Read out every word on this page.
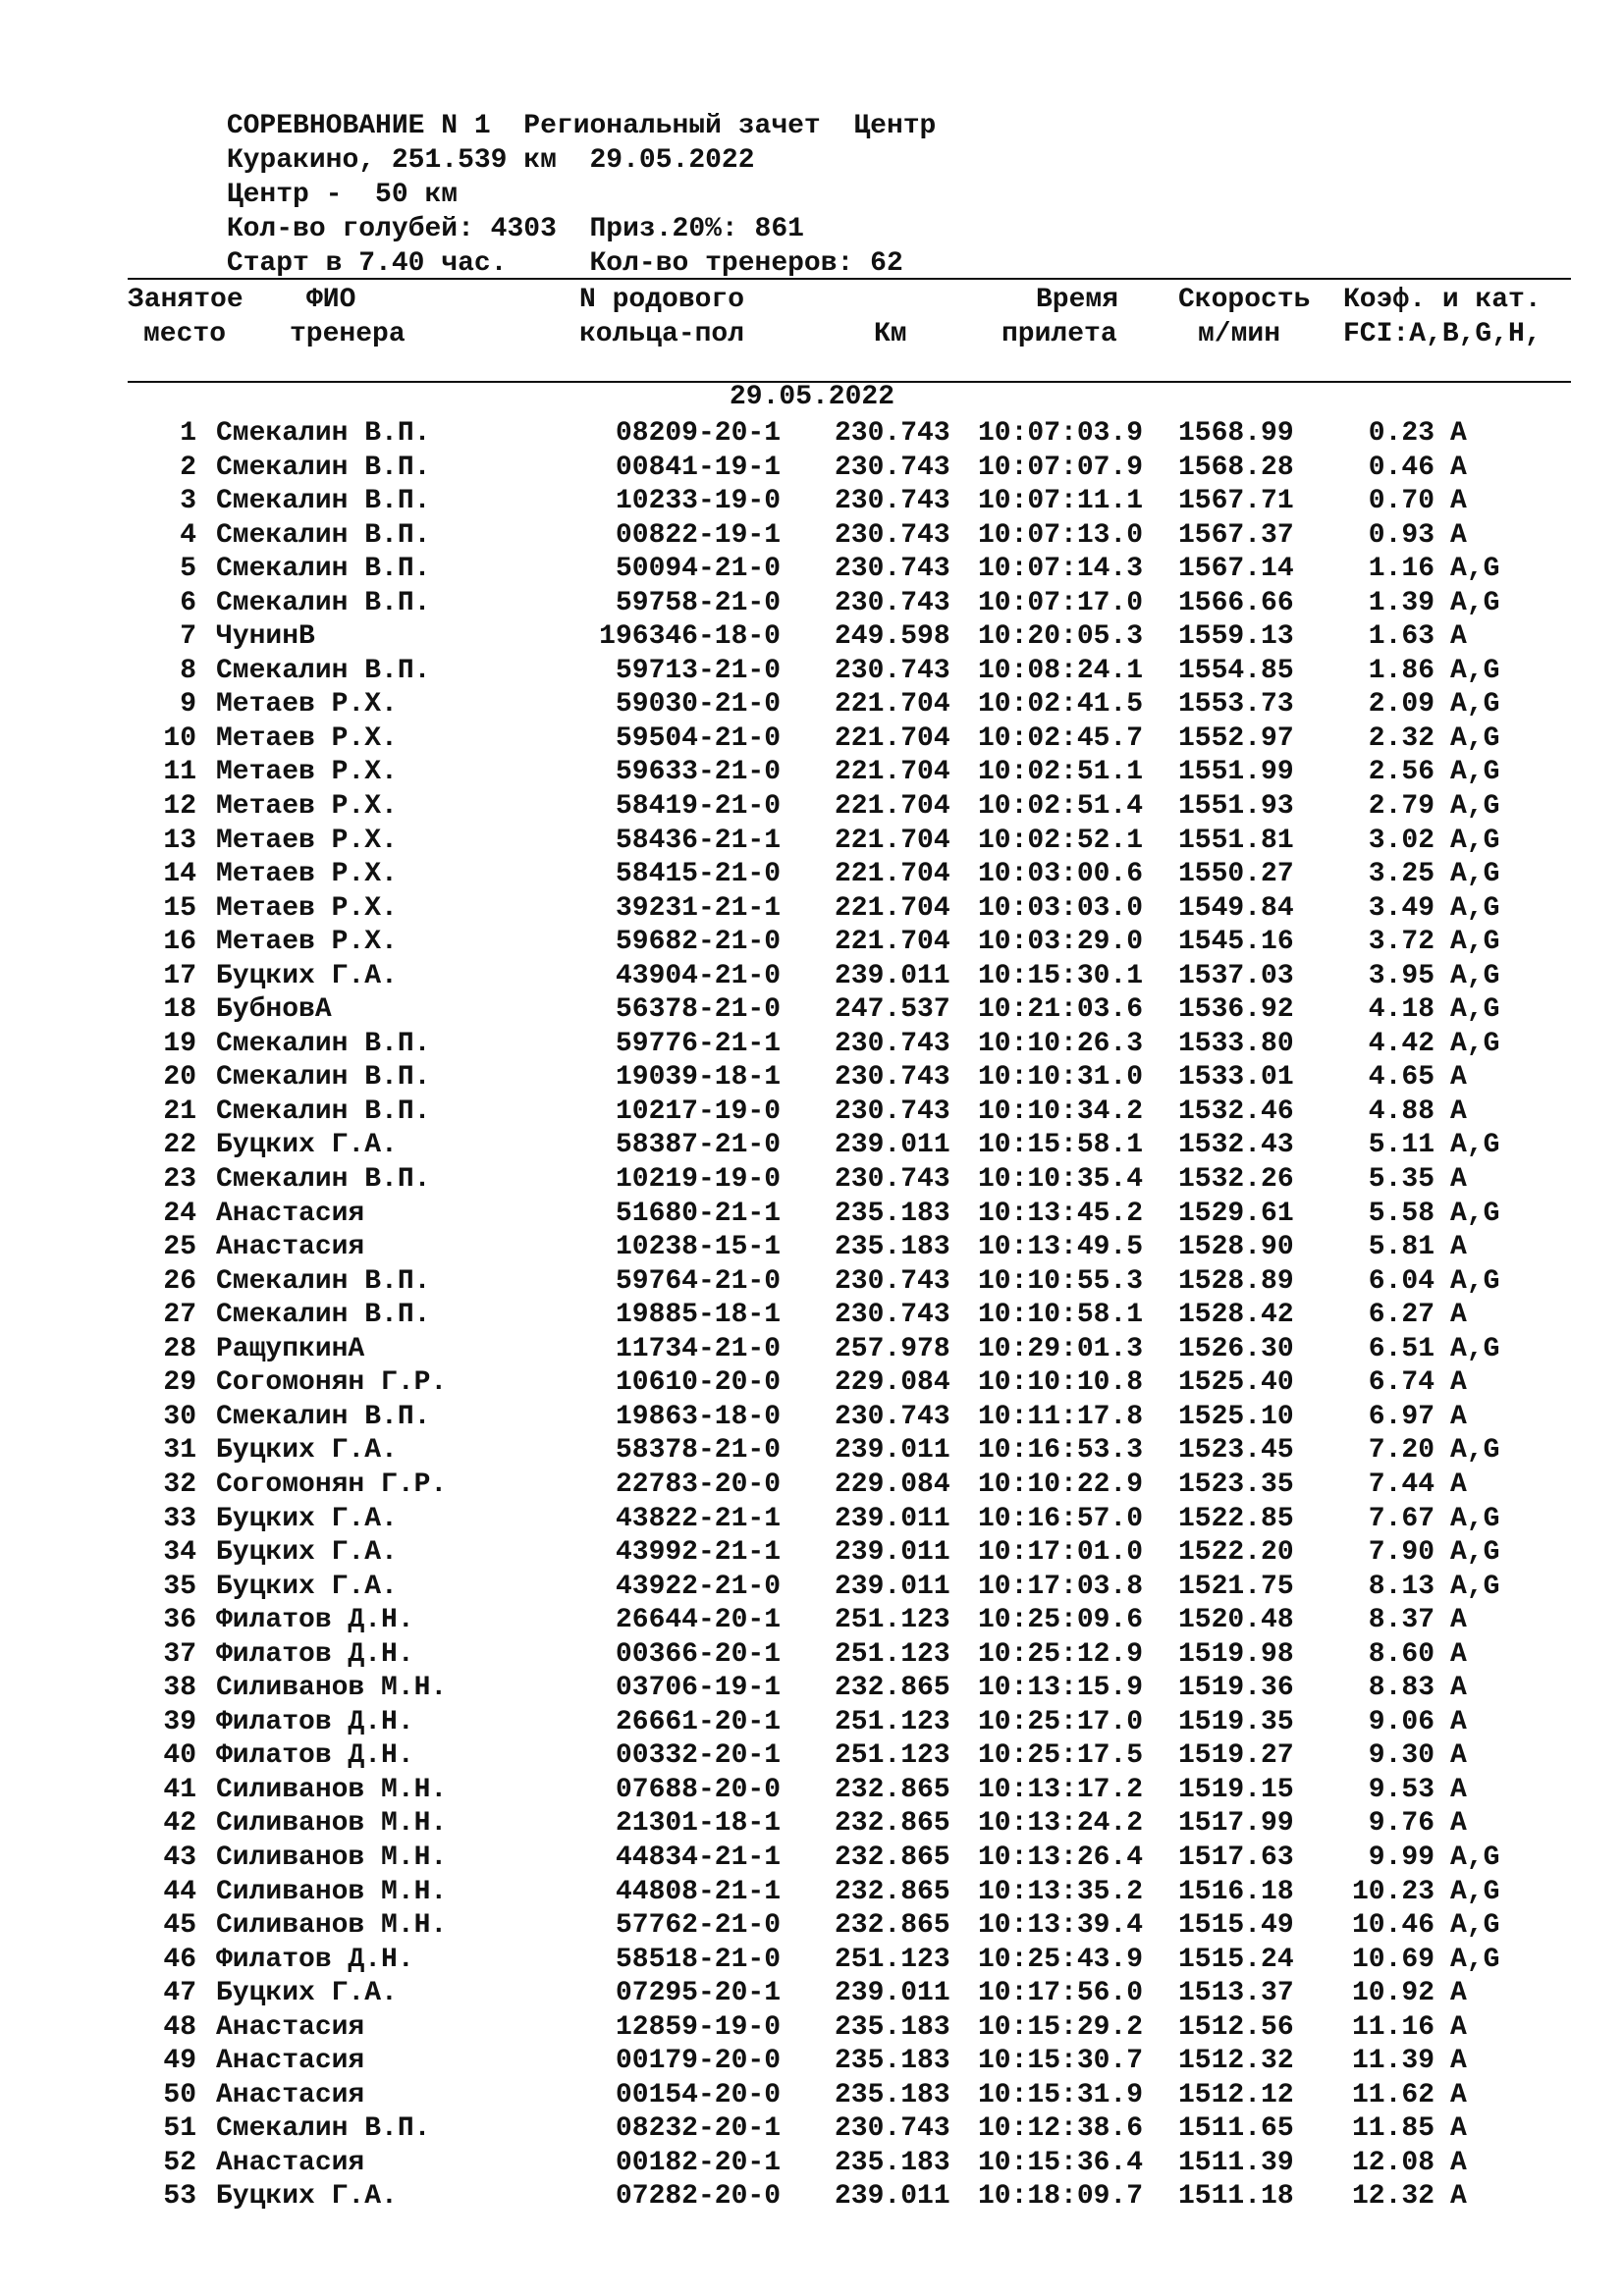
СОРЕВНОВАНИЕ N 1 Региональный зачет Центр

Куракино, 251.539 км 29.05.2022

Центр -  50 км

Кол-во голубей: 4303 Приз.20%: 861

Старт в 7.40 час.	Кол-во тренеров: 62

Занятое
место
ФИО
тренера
N родового
кольца-пол	Км
Время
прилета
Скорость
м/мин
Коэф. и кат.
FCI:A,B,G,H,
29.05.2022
1 Смекалин В.П.	08209-20-1 230.743 10:07:03.9 1568.99	0.23 A
2 Смекалин В.П.	00841-19-1 230.743 10:07:07.9 1568.28	0.46 A
3 Смекалин В.П.	10233-19-0 230.743 10:07:11.1 1567.71	0.70 A
4 Смекалин В.П.	00822-19-1 230.743 10:07:13.0 1567.37	0.93 A
5 Смекалин В.П.	50094-21-0 230.743 10:07:14.3 1567.14	1.16 A,G
6 Смекалин В.П.	59758-21-0 230.743 10:07:17.0 1566.66	1.39 A,G
7 ЧунинВ	196346-18-0 249.598 10:20:05.3 1559.13	1.63 A
8 Смекалин В.П.	59713-21-0 230.743 10:08:24.1 1554.85	1.86 A,G
9 Метаев Р.Х.	59030-21-0 221.704 10:02:41.5 1553.73	2.09 A,G
10 Метаев Р.Х.	59504-21-0 221.704 10:02:45.7 1552.97	2.32 A,G
11 Метаев Р.Х.	59633-21-0 221.704 10:02:51.1 1551.99	2.56 A,G
12 Метаев Р.Х.	58419-21-0 221.704 10:02:51.4 1551.93	2.79 A,G
13 Метаев Р.Х.	58436-21-1 221.704 10:02:52.1 1551.81	3.02 A,G
14 Метаев Р.Х.	58415-21-0 221.704 10:03:00.6 1550.27	3.25 A,G
15 Метаев Р.Х.	39231-21-1 221.704 10:03:03.0 1549.84	3.49 A,G
16 Метаев Р.Х.	59682-21-0 221.704 10:03:29.0 1545.16	3.72 A,G
17 Буцких Г.А.	43904-21-0 239.011 10:15:30.1 1537.03	3.95 A,G
18 БубновА	56378-21-0 247.537 10:21:03.6 1536.92	4.18 A,G
19 Смекалин В.П.	59776-21-1 230.743 10:10:26.3 1533.80	4.42 A,G
20 Смекалин В.П.	19039-18-1 230.743 10:10:31.0 1533.01	4.65 A
21 Смекалин В.П.	10217-19-0 230.743 10:10:34.2 1532.46	4.88 A
22 Буцких Г.А.	58387-21-0 239.011 10:15:58.1 1532.43	5.11 A,G
23 Смекалин В.П.	10219-19-0 230.743 10:10:35.4 1532.26	5.35 A
24 Анастасия	51680-21-1 235.183 10:13:45.2 1529.61	5.58 A,G
25 Анастасия	10238-15-1 235.183 10:13:49.5 1528.90	5.81 A
26 Смекалин В.П.	59764-21-0 230.743 10:10:55.3 1528.89	6.04 A,G
27 Смекалин В.П.	19885-18-1 230.743 10:10:58.1 1528.42	6.27 A
28 РащупкинА	11734-21-0 257.978 10:29:01.3 1526.30	6.51 A,G
29 Согомонян Г.Р.	10610-20-0 229.084 10:10:10.8 1525.40	6.74 A
30 Смекалин В.П.	19863-18-0 230.743 10:11:17.8 1525.10	6.97 A
31 Буцких Г.А.	58378-21-0 239.011 10:16:53.3 1523.45	7.20 A,G
32 Согомонян Г.Р.	22783-20-0 229.084 10:10:22.9 1523.35	7.44 A
33 Буцких Г.А.	43822-21-1 239.011 10:16:57.0 1522.85	7.67 A,G
34 Буцких Г.А.	43992-21-1 239.011 10:17:01.0 1522.20	7.90 A,G
35 Буцких Г.А.	43922-21-0 239.011 10:17:03.8 1521.75	8.13 A,G
36 Филатов Д.Н.	26644-20-1 251.123 10:25:09.6 1520.48	8.37 A
37 Филатов Д.Н.	00366-20-1 251.123 10:25:12.9 1519.98	8.60 A
38 Силиванов М.Н.	03706-19-1 232.865 10:13:15.9 1519.36	8.83 A
39 Филатов Д.Н.	26661-20-1 251.123 10:25:17.0 1519.35	9.06 A
40 Филатов Д.Н.	00332-20-1 251.123 10:25:17.5 1519.27	9.30 A
41 Силиванов М.Н.	07688-20-0 232.865 10:13:17.2 1519.15	9.53 A
42 Силиванов М.Н.	21301-18-1 232.865 10:13:24.2 1517.99	9.76 A
43 Силиванов М.Н.	44834-21-1 232.865 10:13:26.4 1517.63	9.99 A,G
44 Силиванов М.Н.	44808-21-1 232.865 10:13:35.2 1516.18	10.23 A,G
45 Силиванов М.Н.	57762-21-0 232.865 10:13:39.4 1515.49	10.46 A,G
46 Филатов Д.Н.	58518-21-0 251.123 10:25:43.9 1515.24	10.69 A,G
47 Буцких Г.А.	07295-20-1 239.011 10:17:56.0 1513.37	10.92 A
48 Анастасия	12859-19-0 235.183 10:15:29.2 1512.56	11.16 A
49 Анастасия	00179-20-0 235.183 10:15:30.7 1512.32	11.39 A
50 Анастасия	00154-20-0 235.183 10:15:31.9 1512.12	11.62 A
51 Смекалин В.П.	08232-20-1 230.743 10:12:38.6 1511.65	11.85 A
52 Анастасия	00182-20-1 235.183 10:15:36.4 1511.39	12.08 A
53 Буцких Г.А.	07282-20-0 239.011 10:18:09.7 1511.18	12.32 A
